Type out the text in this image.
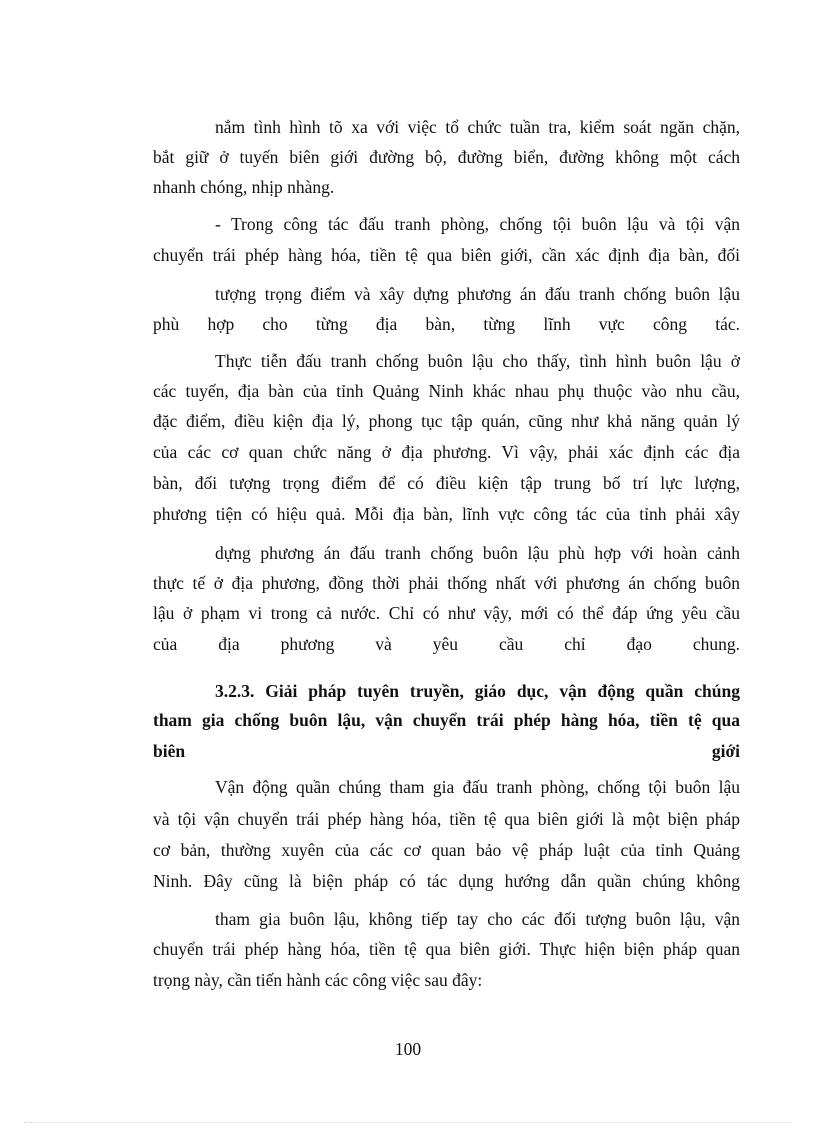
nắm tình hình tõ xa với việc tổ chức tuần tra, kiểm soát ngăn chặn,
bắt giữ ở tuyến biên giới đường bộ, đường biển, đường không một cách
nhanh chóng, nhịp nhàng.
- Trong công tác đấu tranh phòng, chống tội buôn lậu và tội vận
chuyển trái phép hàng hóa, tiền tệ qua biên giới, cần xác định địa bàn, đối
tượng trọng điểm và xây dựng phương án đấu tranh chống buôn lậu
phù hợp cho từng địa bàn, từng lĩnh vực công tác.
Thực tiễn đấu tranh chống buôn lậu cho thấy, tình hình buôn lậu ở
các tuyến, địa bàn của tỉnh Quảng Ninh khác nhau phụ thuộc vào nhu cầu,
đặc điểm, điều kiện địa lý, phong tục tập quán, cũng như khả năng quản lý
của các cơ quan chức năng ở địa phương. Vì vậy, phải xác định các địa
bàn, đối tượng trọng điểm để có điều kiện tập trung bố trí lực lượng,
phương tiện có hiệu quả. Mỗi địa bàn, lĩnh vực công tác của tỉnh phải xây
dựng phương án đấu tranh chống buôn lậu phù hợp với hoàn cảnh
thực tế ở địa phương, đồng thời phải thống nhất với phương án chống buôn
lậu ở phạm vi trong cả nước. Chỉ có như vậy, mới có thể đáp ứng yêu cầu
của địa phương và yêu cầu chỉ đạo chung.
3.2.3. Giải pháp tuyên truyền, giáo dục, vận động quần chúng
tham gia chống buôn lậu, vận chuyển trái phép hàng hóa, tiền tệ qua
biên giới
Vận động quần chúng tham gia đấu tranh phòng, chống tội buôn lậu
và tội vận chuyển trái phép hàng hóa, tiền tệ qua biên giới là một biện pháp
cơ bản, thường xuyên của các cơ quan bảo vệ pháp luật của tỉnh Quảng
Ninh. Đây cũng là biện pháp có tác dụng hướng dẫn quần chúng không
tham gia buôn lậu, không tiếp tay cho các đối tượng buôn lậu, vận
chuyển trái phép hàng hóa, tiền tệ qua biên giới. Thực hiện biện pháp quan
trọng này, cần tiến hành các công việc sau đây:
100
